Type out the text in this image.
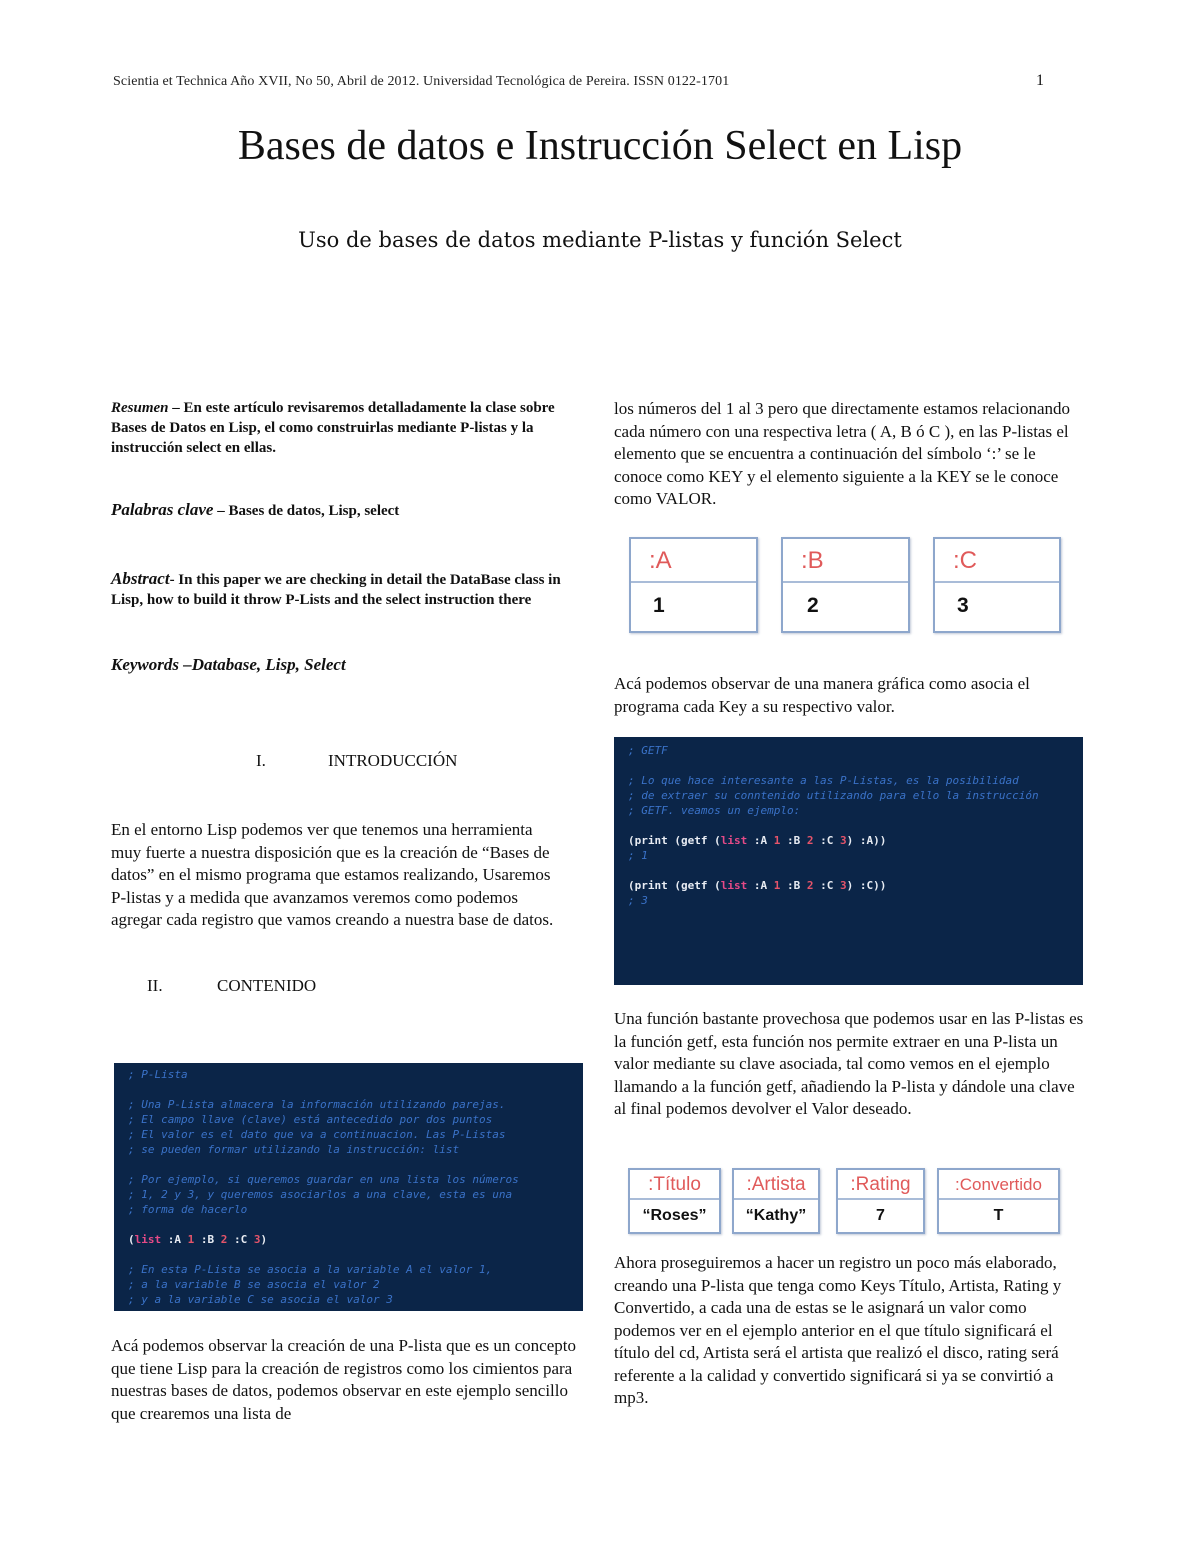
Scientia et Technica Año XVII, No 50, Abril de 2012. Universidad Tecnológica de Pereira. ISSN 0122-1701	1
Bases de datos e Instrucción Select en Lisp
Uso de bases de datos mediante P-listas y función Select
Resumen – En este artículo revisaremos detalladamente la clase sobre Bases de Datos en Lisp, el como construirlas mediante P-listas y la instrucción select en ellas.
Palabras clave – Bases de datos, Lisp, select
Abstract- In this paper we are checking in detail the DataBase class in Lisp, how to build it throw P-Lists and the select instruction there
Keywords –Database, Lisp, Select
I.	INTRODUCCIÓN
En el entorno Lisp podemos ver que tenemos una herramienta muy fuerte a nuestra disposición que es la creación de “Bases de datos” en el mismo programa que estamos realizando, Usaremos P-listas y a medida que avanzamos veremos como podemos agregar cada registro que vamos creando a nuestra base de datos.
II.	CONTENIDO
; P-Lista
; Una P-Lista almacera la información utilizando parejas.
; El campo llave (clave) está antecedido por dos puntos
; El valor es el dato que va a continuacion. Las P-Listas
; se pueden formar utilizando la instrucción: list
; Por ejemplo, si queremos guardar en una lista los números
; 1, 2 y 3, y queremos asociarlos a una clave, esta es una
; forma de hacerlo
(list :A 1 :B 2 :C 3)
; En esta P-Lista se asocia a la variable A el valor 1,
; a la variable B se asocia el valor 2
; y a la variable C se asocia el valor 3
Acá podemos observar la creación de una P-lista que es un concepto que tiene Lisp para la creación de registros como los cimientos para nuestras bases de datos, podemos observar en este ejemplo sencillo que crearemos una lista de
los números del 1 al 3 pero que directamente estamos relacionando cada número con una respectiva letra ( A, B ó C ), en las P-listas el elemento que se encuentra a continuación del símbolo ‘:’ se le conoce como KEY y el elemento siguiente a la KEY se le conoce como VALOR.
:A
1
:B
2
:C
3
Acá podemos observar de una manera gráfica como asocia el programa cada Key a su respectivo valor.
; GETF
; Lo que hace interesante a las P-Listas, es la posibilidad
; de extraer su conntenido utilizando para ello la instrucción
; GETF. veamos un ejemplo:
(print (getf (list :A 1 :B 2 :C 3) :A))
; 1
(print (getf (list :A 1 :B 2 :C 3) :C))
; 3
Una función bastante provechosa que podemos usar en las P-listas es la función getf, esta función nos permite extraer en una P-lista un valor mediante su clave asociada, tal como vemos en el ejemplo llamando a la función getf, añadiendo la P-lista y dándole una clave al final podemos devolver el Valor deseado.
:Título
“Roses”
:Artista
“Kathy”
:Rating
7
:Convertido
T
Ahora proseguiremos a hacer un registro un poco más elaborado, creando una P-lista que tenga como Keys Título, Artista, Rating y Convertido, a cada una de estas se le asignará un valor como podemos ver en el ejemplo anterior en el que título significará el título del cd, Artista será el artista que realizó el disco, rating será referente a la calidad y convertido significará si ya se convirtió a mp3.
